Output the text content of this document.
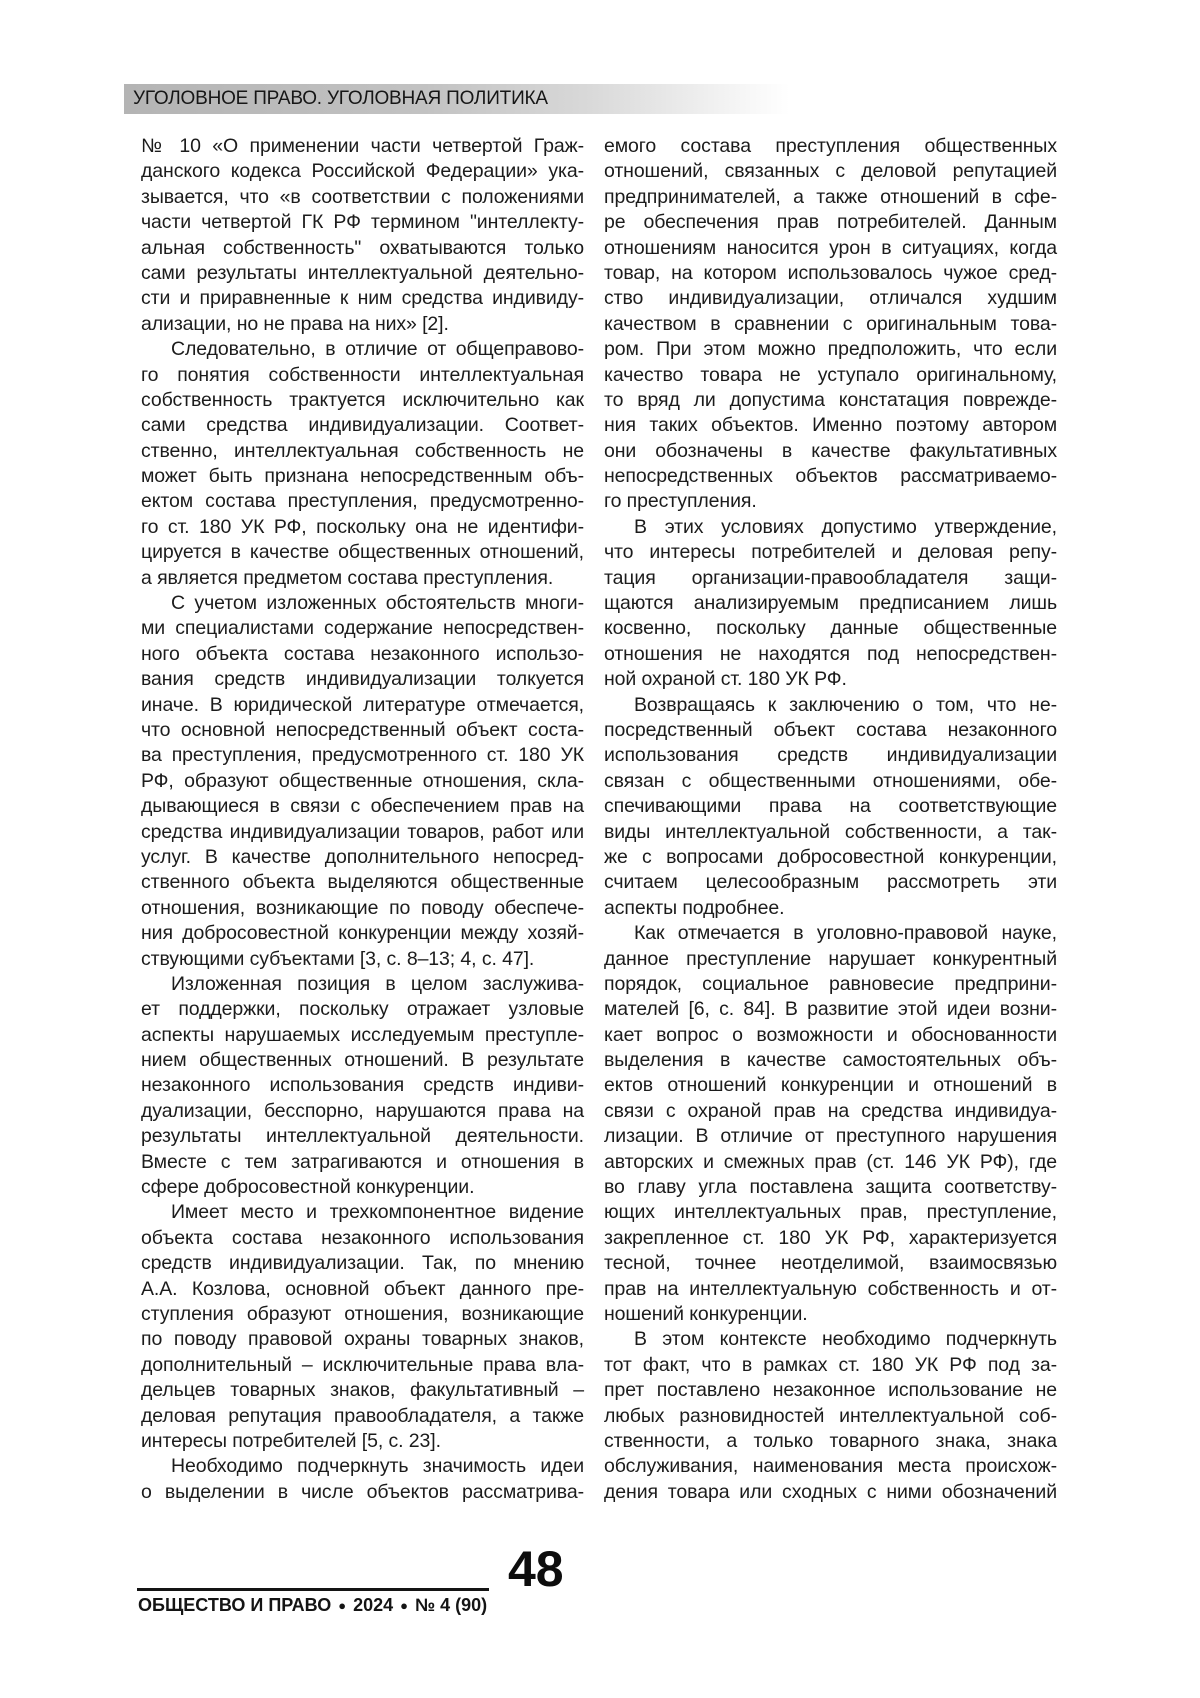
УГОЛОВНОЕ ПРАВО. УГОЛОВНАЯ ПОЛИТИКА
№ 10 «О применении части четвертой Граж-
данского кодекса Российской Федерации» ука-
зывается, что «в соответствии с положениями
части четвертой ГК РФ термином "интеллекту-
альная собственность" охватываются только
сами результаты интеллектуальной деятельно-
сти и приравненные к ним средства индивиду-
ализации, но не права на них» [2].
Следовательно, в отличие от общеправово-
го понятия собственности интеллектуальная
собственность трактуется исключительно как
сами средства индивидуализации. Соответ-
ственно, интеллектуальная собственность не
может быть признана непосредственным объ-
ектом состава преступления, предусмотренно-
го ст. 180 УК РФ, поскольку она не идентифи-
цируется в качестве общественных отношений,
а является предметом состава преступления.
С учетом изложенных обстоятельств многи-
ми специалистами содержание непосредствен-
ного объекта состава незаконного использо-
вания средств индивидуализации толкуется
иначе. В юридической литературе отмечается,
что основной непосредственный объект соста-
ва преступления, предусмотренного ст. 180 УК
РФ, образуют общественные отношения, скла-
дывающиеся в связи с обеспечением прав на
средства индивидуализации товаров, работ или
услуг. В качестве дополнительного непосред-
ственного объекта выделяются общественные
отношения, возникающие по поводу обеспече-
ния добросовестной конкуренции между хозяй-
ствующими субъектами [3, с. 8–13; 4, с. 47].
Изложенная позиция в целом заслужива-
ет поддержки, поскольку отражает узловые
аспекты нарушаемых исследуемым преступле-
нием общественных отношений. В результате
незаконного использования средств индиви-
дуализации, бесспорно, нарушаются права на
результаты интеллектуальной деятельности.
Вместе с тем затрагиваются и отношения в
сфере добросовестной конкуренции.
Имеет место и трехкомпонентное видение
объекта состава незаконного использования
средств индивидуализации. Так, по мнению
А.А. Козлова, основной объект данного пре-
ступления образуют отношения, возникающие
по поводу правовой охраны товарных знаков,
дополнительный – исключительные права вла-
дельцев товарных знаков, факультативный –
деловая репутация правообладателя, а также
интересы потребителей [5, с. 23].
Необходимо подчеркнуть значимость идеи
о выделении в числе объектов рассматрива-
емого состава преступления общественных
отношений, связанных с деловой репутацией
предпринимателей, а также отношений в сфе-
ре обеспечения прав потребителей. Данным
отношениям наносится урон в ситуациях, когда
товар, на котором использовалось чужое сред-
ство индивидуализации, отличался худшим
качеством в сравнении с оригинальным това-
ром. При этом можно предположить, что если
качество товара не уступало оригинальному,
то вряд ли допустима констатация поврежде-
ния таких объектов. Именно поэтому автором
они обозначены в качестве факультативных
непосредственных объектов рассматриваемо-
го преступления.
В этих условиях допустимо утверждение,
что интересы потребителей и деловая репу-
тация организации-правообладателя защи-
щаются анализируемым предписанием лишь
косвенно, поскольку данные общественные
отношения не находятся под непосредствен-
ной охраной ст. 180 УК РФ.
Возвращаясь к заключению о том, что не-
посредственный объект состава незаконного
использования средств индивидуализации
связан с общественными отношениями, обе-
спечивающими права на соответствующие
виды интеллектуальной собственности, а так-
же с вопросами добросовестной конкуренции,
считаем целесообразным рассмотреть эти
аспекты подробнее.
Как отмечается в уголовно-правовой науке,
данное преступление нарушает конкурентный
порядок, социальное равновесие предприни-
мателей [6, с. 84]. В развитие этой идеи возни-
кает вопрос о возможности и обоснованности
выделения в качестве самостоятельных объ-
ектов отношений конкуренции и отношений в
связи с охраной прав на средства индивидуа-
лизации. В отличие от преступного нарушения
авторских и смежных прав (ст. 146 УК РФ), где
во главу угла поставлена защита соответству-
ющих интеллектуальных прав, преступление,
закрепленное ст. 180 УК РФ, характеризуется
тесной, точнее неотделимой, взаимосвязью
прав на интеллектуальную собственность и от-
ношений конкуренции.
В этом контексте необходимо подчеркнуть
тот факт, что в рамках ст. 180 УК РФ под за-
прет поставлено незаконное использование не
любых разновидностей интеллектуальной соб-
ственности, а только товарного знака, знака
обслуживания, наименования места происхож-
дения товара или сходных с ними обозначений
48
ОБЩЕСТВО И ПРАВО ● 2024 ● № 4 (90)
